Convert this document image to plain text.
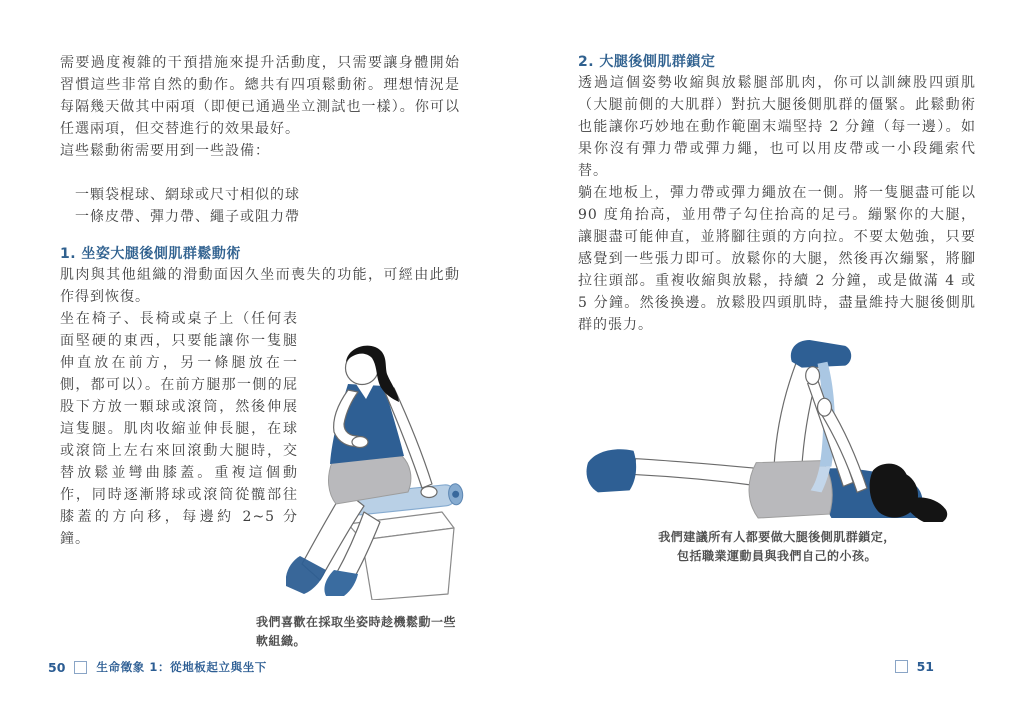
需要過度複雜的干預措施來提升活動度，只需要讓身體開始習慣這些非常自然的動作。總共有四項鬆動術。理想情況是每隔幾天做其中兩項（即便已通過坐立測試也一樣）。你可以任選兩項，但交替進行的效果最好。

這些鬆動術需要用到一些設備：

一顆袋棍球、網球或尺寸相似的球
一條皮帶、彈力帶、繩子或阻力帶
1. 坐姿大腿後側肌群鬆動術

肌肉與其他組織的滑動面因久坐而喪失的功能，可經由此動作得到恢復。

坐在椅子、長椅或桌子上（任何表面堅硬的東西，只要能讓你一隻腿伸直放在前方，另一條腿放在一側，都可以）。在前方腿那一側的屁股下方放一顆球或滾筒，然後伸展這隻腿。肌肉收縮並伸長腿，在球或滾筒上左右來回滾動大腿時，交替放鬆並彎曲膝蓋。重複這個動作，同時逐漸將球或滾筒從髖部往膝蓋的方向移，每邊約 2~5 分鐘。

我們喜歡在採取坐姿時趁機鬆動一些軟組織。

50	生命徵象 1：從地板起立與坐下
2. 大腿後側肌群鎖定

透過這個姿勢收縮與放鬆腿部肌肉，你可以訓練股四頭肌（大腿前側的大肌群）對抗大腿後側肌群的僵緊。此鬆動術也能讓你巧妙地在動作範圍末端堅持 2 分鐘（每一邊）。如果你沒有彈力帶或彈力繩，也可以用皮帶或一小段繩索代替。

躺在地板上，彈力帶或彈力繩放在一側。將一隻腿盡可能以 90 度角抬高，並用帶子勾住抬高的足弓。繃緊你的大腿，讓腿盡可能伸直，並將腳往頭的方向拉。不要太勉強，只要感覺到一些張力即可。放鬆你的大腿，然後再次繃緊，將腳拉往頭部。重複收縮與放鬆，持續 2 分鐘，或是做滿 4 或 5 分鐘。然後換邊。放鬆股四頭肌時，盡量維持大腿後側肌群的張力。

我們建議所有人都要做大腿後側肌群鎖定，
包括職業運動員與我們自己的小孩。
51
